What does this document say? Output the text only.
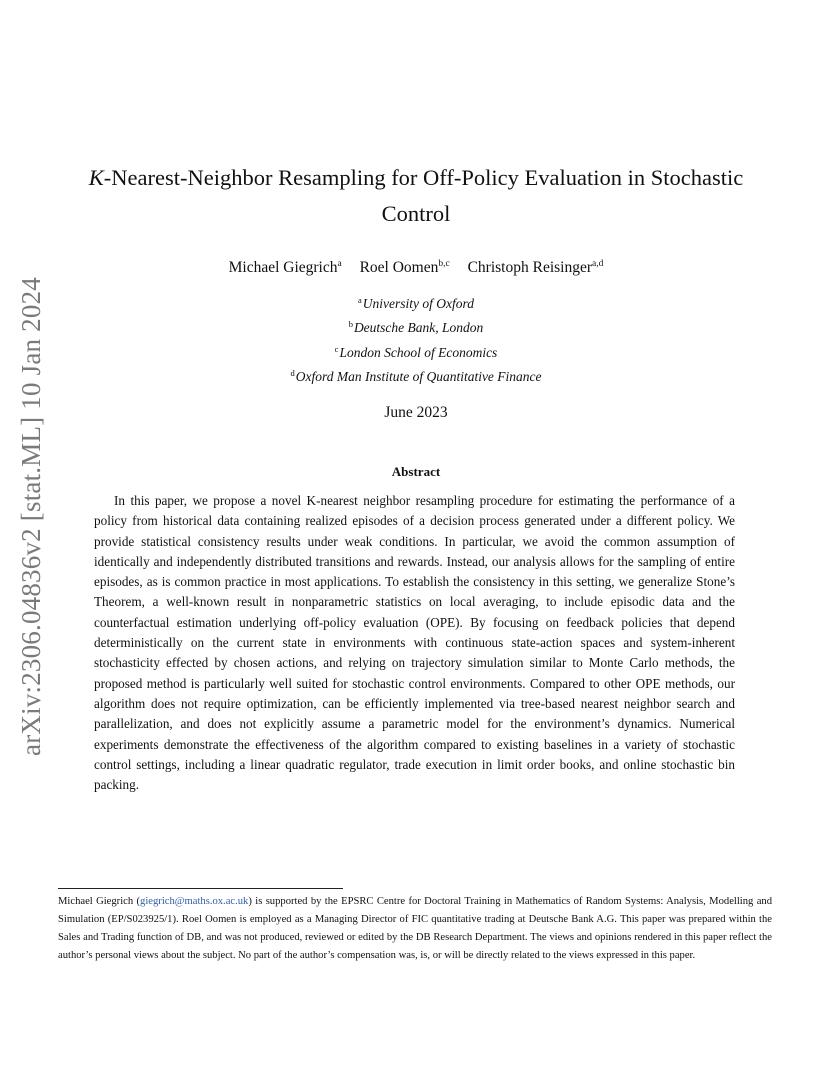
arXiv:2306.04836v2 [stat.ML] 10 Jan 2024
K-Nearest-Neighbor Resampling for Off-Policy Evaluation in Stochastic Control
Michael Giegrich$^a$ Roel Oomen$^{b,c}$ Christoph Reisinger$^{a,d}$
$^a$University of Oxford
$^b$Deutsche Bank, London
$^c$London School of Economics
$^d$Oxford Man Institute of Quantitative Finance
June 2023
Abstract

In this paper, we propose a novel K-nearest neighbor resampling procedure for estimating the performance of a policy from historical data containing realized episodes of a decision process generated under a different policy. We provide statistical consistency results under weak conditions. In particular, we avoid the common assumption of identically and independently distributed transitions and rewards. Instead, our analysis allows for the sampling of entire episodes, as is common practice in most applications. To establish the consistency in this setting, we generalize Stone’s Theorem, a well-known result in nonparametric statistics on local averaging, to include episodic data and the counterfactual estimation underlying off-policy evaluation (OPE). By focusing on feedback policies that depend deterministically on the current state in environments with continuous state-action spaces and system-inherent stochasticity effected by chosen actions, and relying on trajectory simulation similar to Monte Carlo methods, the proposed method is particularly well suited for stochastic control environments. Compared to other OPE methods, our algorithm does not require optimization, can be efficiently implemented via tree-based nearest neighbor search and parallelization, and does not explicitly assume a parametric model for the environment’s dynamics. Numerical experiments demonstrate the effectiveness of the algorithm compared to existing baselines in a variety of stochastic control settings, including a linear quadratic regulator, trade execution in limit order books, and online stochastic bin packing.

Michael Giegrich (giegrich@maths.ox.ac.uk) is supported by the EPSRC Centre for Doctoral Training in Mathematics of Random Systems: Analysis, Modelling and Simulation (EP/S023925/1). Roel Oomen is employed as a Managing Director of FIC quantitative trading at Deutsche Bank A.G. This paper was prepared within the Sales and Trading function of DB, and was not produced, reviewed or edited by the DB Research Department. The views and opinions rendered in this paper reflect the author’s personal views about the subject. No part of the author’s compensation was, is, or will be directly related to the views expressed in this paper.
